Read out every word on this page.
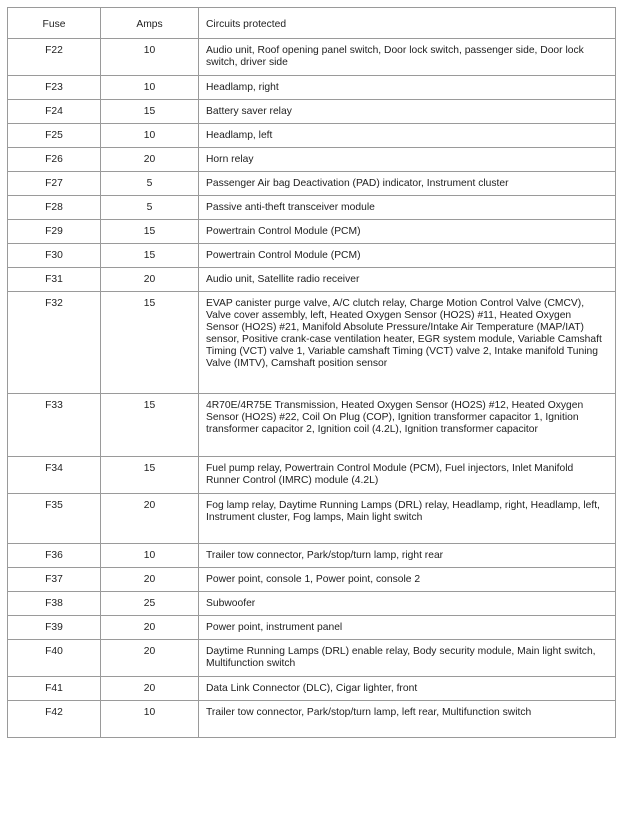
Fuse	Amps	Circuits protected
F22	10	Audio unit, Roof opening panel switch, Door lock switch, passenger side, Door lock switch, driver side
F23	10	Headlamp, right
F24	15	Battery saver relay
F25	10	Headlamp, left
F26	20	Horn relay
F27	5	Passenger Air bag Deactivation (PAD) indicator, Instrument cluster
F28	5	Passive anti-theft transceiver module
F29	15	Powertrain Control Module (PCM)
F30	15	Powertrain Control Module (PCM)
F31	20	Audio unit, Satellite radio receiver
F32	15	EVAP canister purge valve, A/C clutch relay, Charge Motion Control Valve (CMCV), Valve cover assembly, left, Heated Oxygen Sensor (HO2S) #11, Heated Oxygen Sensor (HO2S) #21, Manifold Absolute Pressure/Intake Air Temperature (MAP/IAT) sensor, Positive crank-case ventilation heater, EGR system module, Variable Camshaft Timing (VCT) valve 1, Variable camshaft Timing (VCT) valve 2, Intake manifold Tuning Valve (IMTV), Camshaft position sensor
F33	15	4R70E/4R75E Transmission, Heated Oxygen Sensor (HO2S) #12, Heated Oxygen Sensor (HO2S) #22, Coil On Plug (COP), Ignition transformer capacitor 1, Ignition transformer capacitor 2, Ignition coil (4.2L), Ignition transformer capacitor
F34	15	Fuel pump relay, Powertrain Control Module (PCM), Fuel injectors, Inlet Manifold Runner Control (IMRC) module (4.2L)
F35	20	Fog lamp relay, Daytime Running Lamps (DRL) relay, Headlamp, right, Headlamp, left, Instrument cluster, Fog lamps, Main light switch
F36	10	Trailer tow connector, Park/stop/turn lamp, right rear
F37	20	Power point, console 1, Power point, console 2
F38	25	Subwoofer
F39	20	Power point, instrument panel
F40	20	Daytime Running Lamps (DRL) enable relay, Body security module, Main light switch, Multifunction switch
F41	20	Data Link Connector (DLC), Cigar lighter, front
F42	10	Trailer tow connector, Park/stop/turn lamp, left rear, Multifunction switch
